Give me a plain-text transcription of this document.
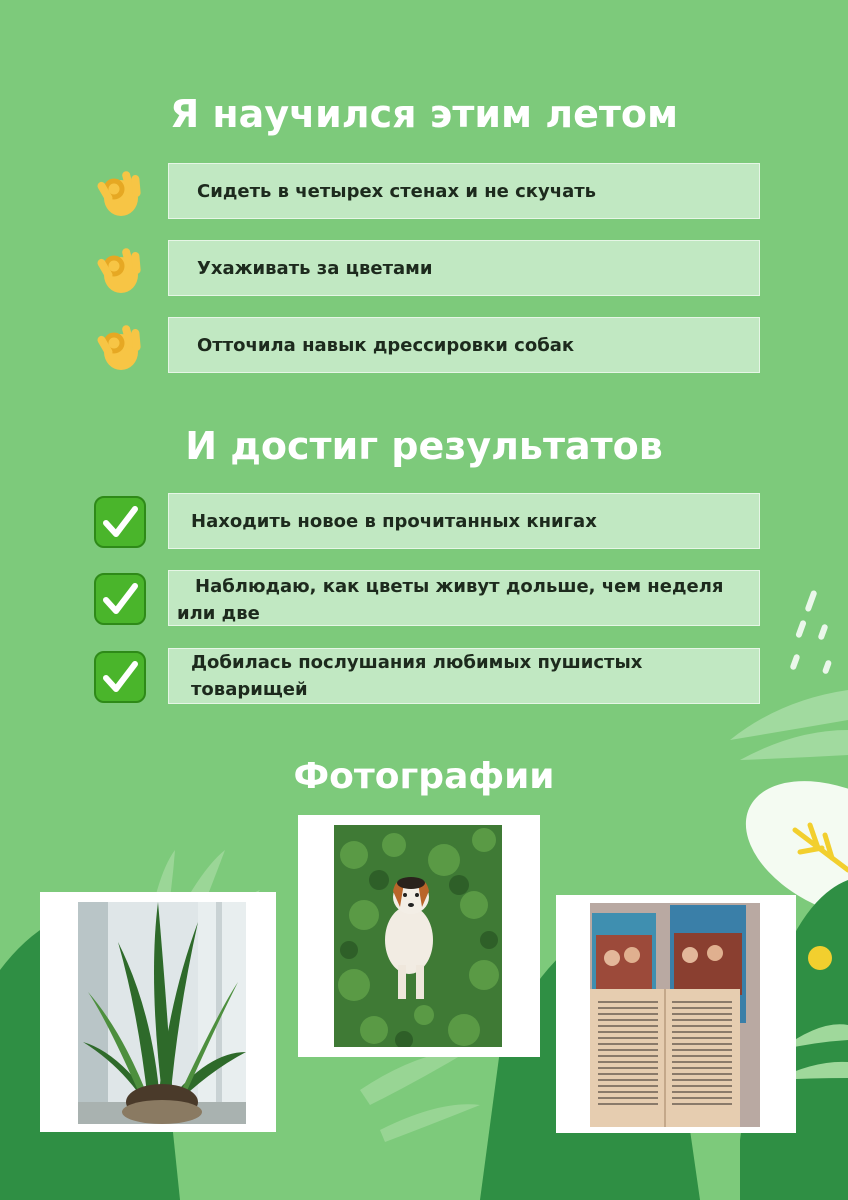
Я научился этим летом
Сидеть в четырех стенах и не скучать
Ухаживать за цветами
Отточила навык дрессировки собак
И достиг результатов
Находить новое в прочитанных книгах
Наблюдаю, как цветы живут дольше, чем неделя или две
Добилась послушания любимых пушистых товарищей
Фотографии
